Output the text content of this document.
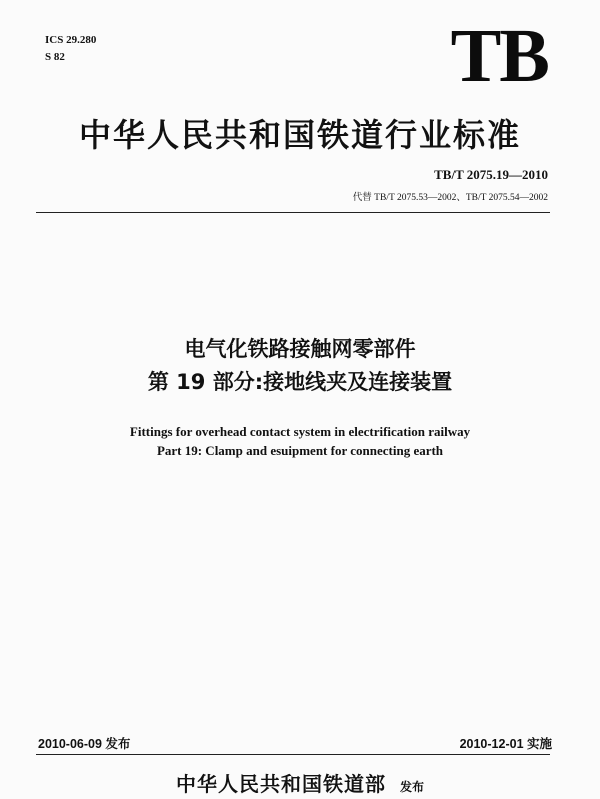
ICS 29.280
S 82	TB
中华人民共和国铁道行业标准
TB/T 2075.19—2010
代替 TB/T 2075.53—2002、TB/T 2075.54—2002
电气化铁路接触网零部件
第 19 部分:接地线夹及连接装置
Fittings for overhead contact system in electrification railway
Part 19: Clamp and esuipment for connecting earth
2010-06-09 发布	2010-12-01 实施
中华人民共和国铁道部 发布
